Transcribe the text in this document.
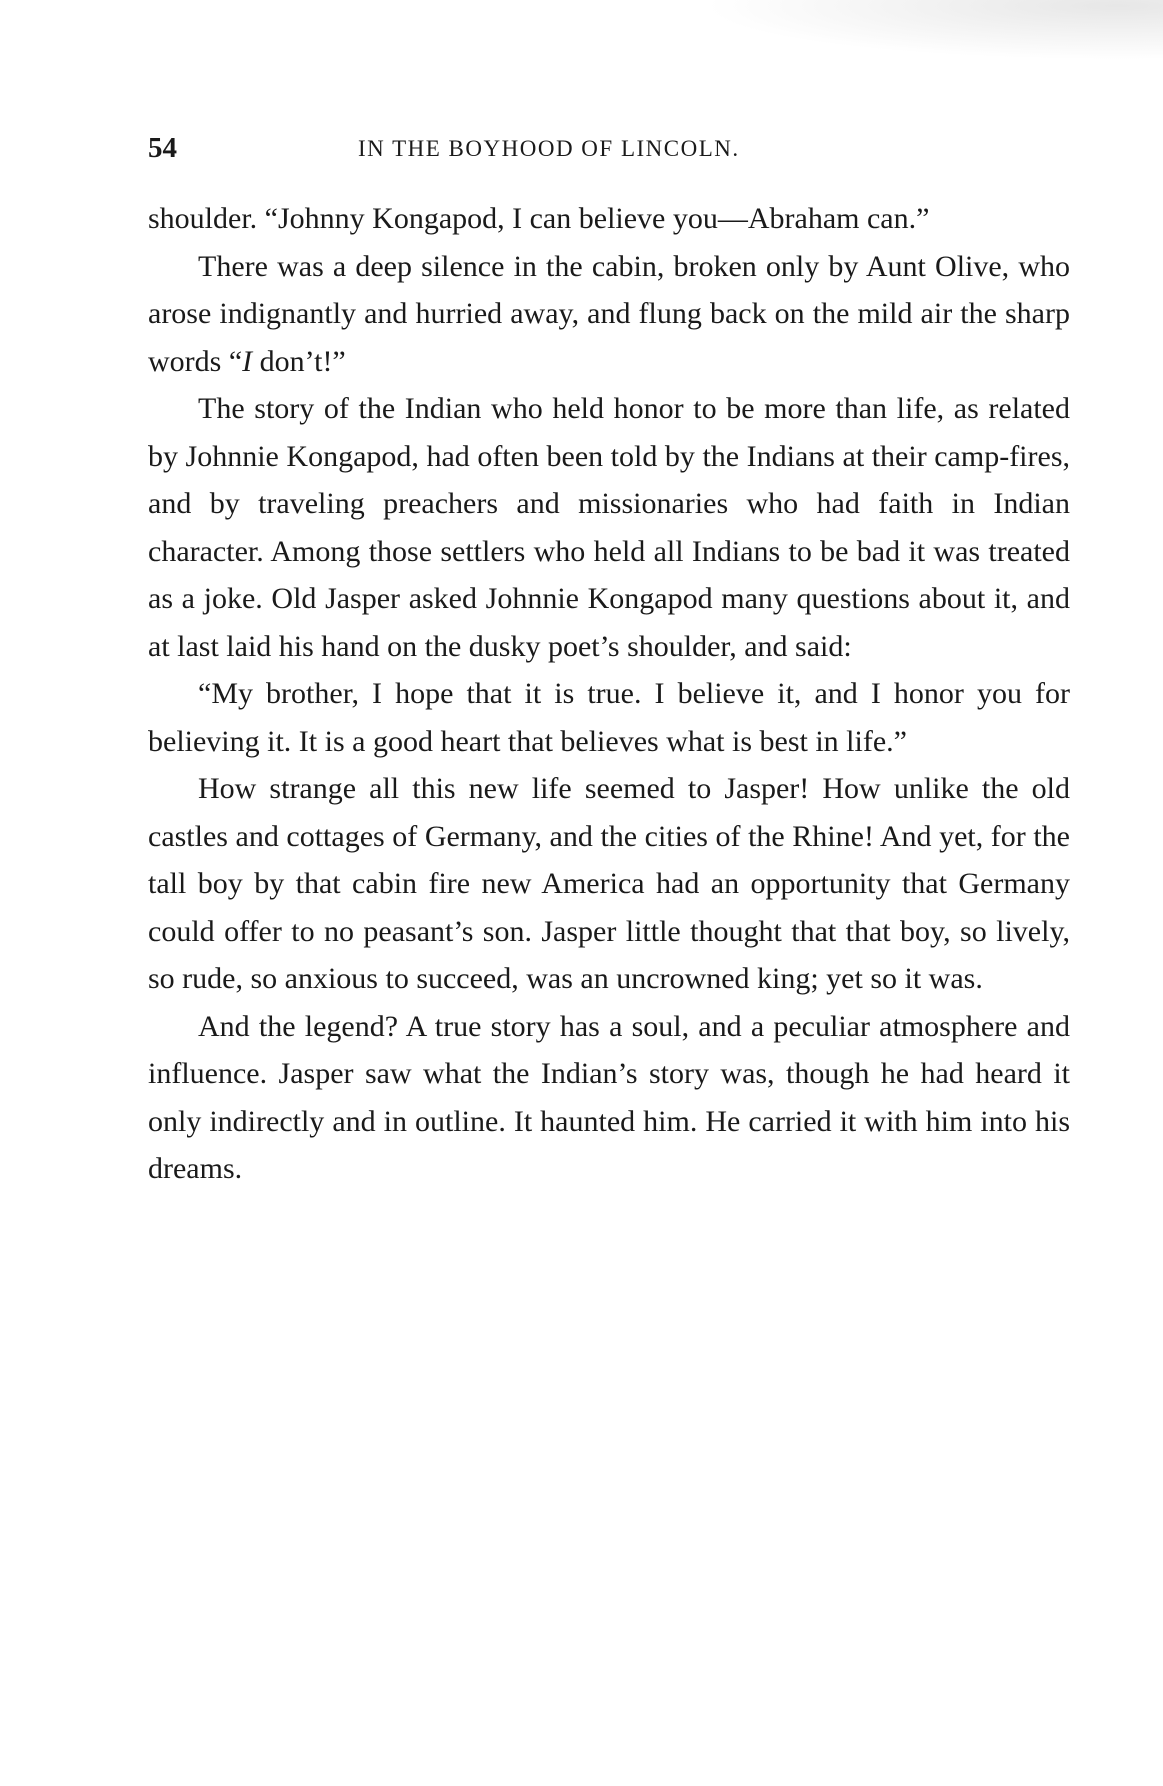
54	IN THE BOYHOOD OF LINCOLN.

shoulder. “Johnny Kongapod, I can believe you—Abraham can.”

There was a deep silence in the cabin, broken only by Aunt Olive, who arose indignantly and hurried away, and flung back on the mild air the sharp words “I don’t!”

The story of the Indian who held honor to be more than life, as related by Johnnie Kongapod, had often been told by the Indians at their camp-fires, and by traveling preachers and missionaries who had faith in Indian character. Among those settlers who held all Indians to be bad it was treated as a joke. Old Jasper asked Johnnie Kongapod many questions about it, and at last laid his hand on the dusky poet’s shoulder, and said:

“My brother, I hope that it is true. I believe it, and I honor you for believing it. It is a good heart that believes what is best in life.”

How strange all this new life seemed to Jasper! How unlike the old castles and cottages of Germany, and the cities of the Rhine! And yet, for the tall boy by that cabin fire new America had an opportunity that Germany could offer to no peasant’s son. Jasper little thought that that boy, so lively, so rude, so anxious to succeed, was an uncrowned king; yet so it was.

And the legend? A true story has a soul, and a peculiar atmosphere and influence. Jasper saw what the Indian’s story was, though he had heard it only indirectly and in outline. It haunted him. He carried it with him into his dreams.
